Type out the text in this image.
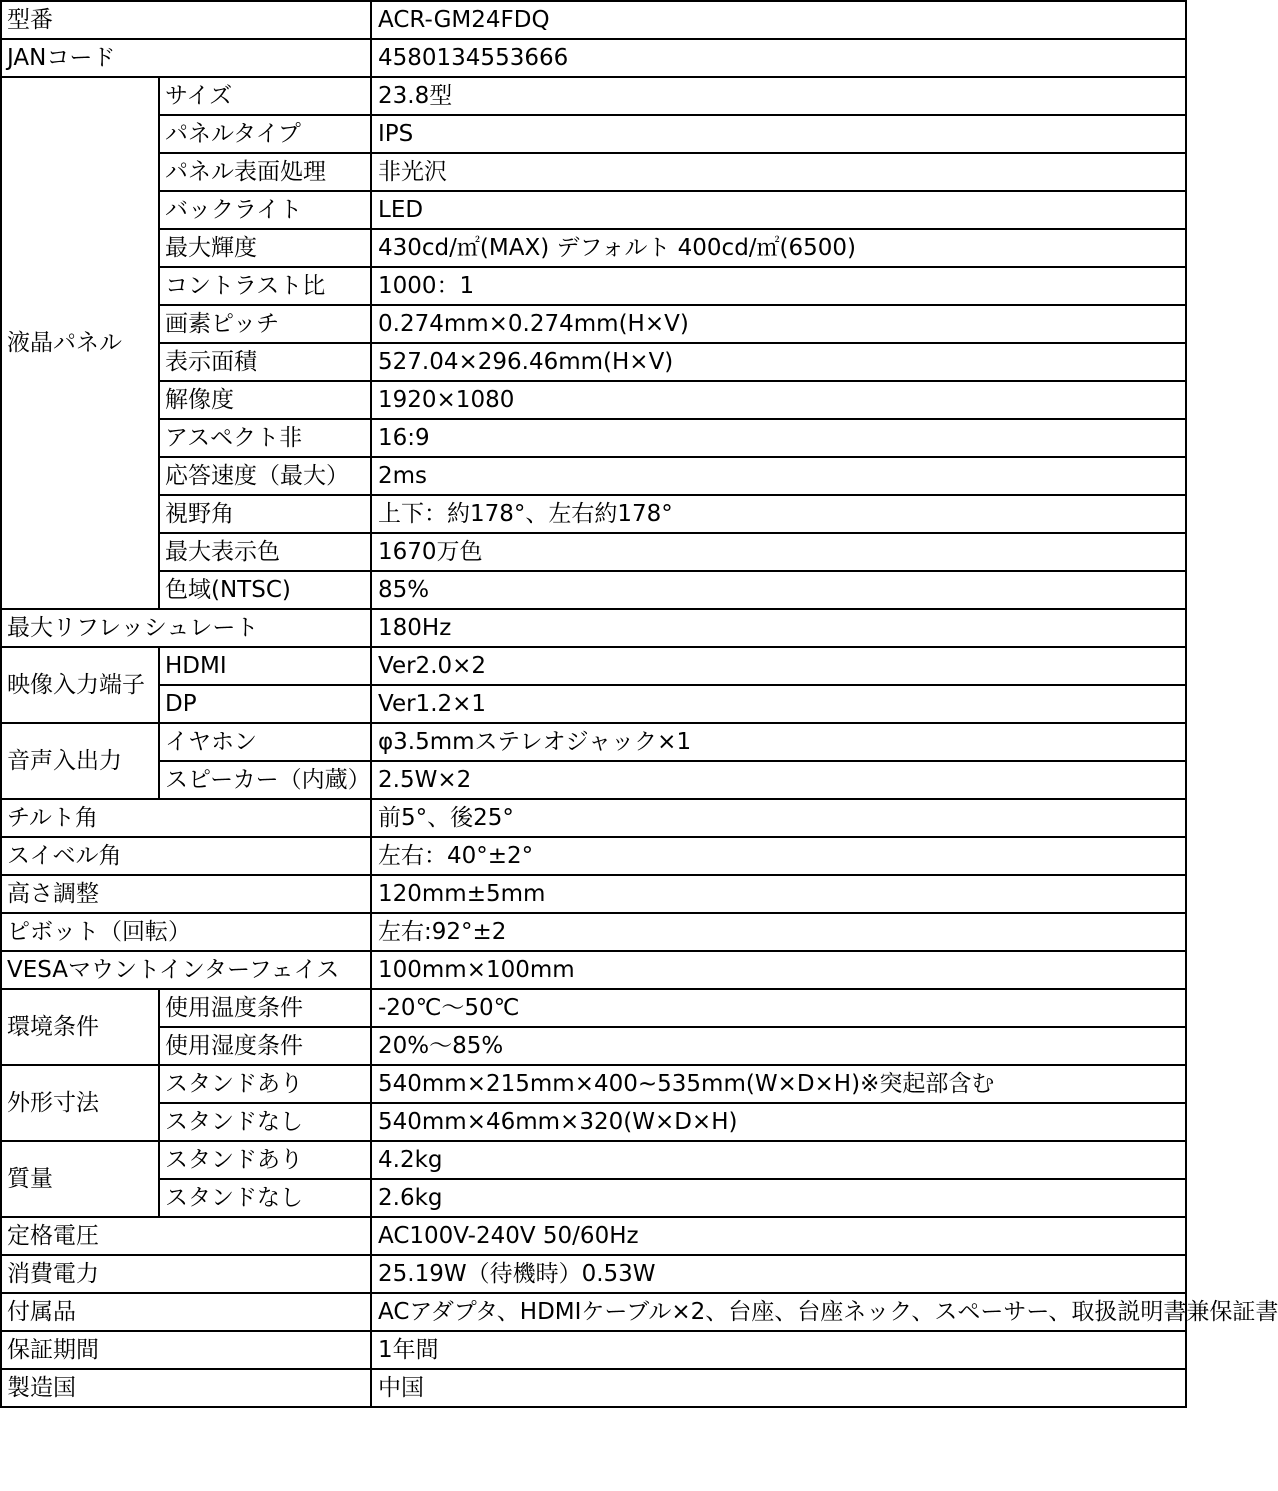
型番		ACR-GM24FDQ
JANコード		4580134553666
液晶パネル	サイズ	23.8型
	パネルタイプ	IPS
	パネル表面処理	非光沢
	バックライト	LED
	最大輝度	430cd/㎡(MAX) デフォルト 400cd/㎡(6500)
	コントラスト比	1000：1
	画素ピッチ	0.274mm×0.274mm(H×V)
	表示面積	527.04×296.46mm(H×V)
	解像度	1920×1080
	アスペクト非	16:9
	応答速度（最大）	2ms
	視野角	上下：約178°、左右約178°
	最大表示色	1670万色
	色域(NTSC)	85%
最大リフレッシュレート		180Hz
映像入力端子	HDMI	Ver2.0×2
	DP	Ver1.2×1
音声入出力	イヤホン	φ3.5mmステレオジャック×1
	スピーカー（内蔵）	2.5W×2
チルト角		前5°、後25°
スイベル角		左右：40°±2°
高さ調整		120mm±5mm
ピボット（回転）		左右:92°±2
VESAマウントインターフェイス		100mm×100mm
環境条件	使用温度条件	-20℃～50℃
	使用湿度条件	20%～85%
外形寸法	スタンドあり	540mm×215mm×400~535mm(W×D×H)※突起部含む
	スタンドなし	540mm×46mm×320(W×D×H)
質量	スタンドあり	4.2kg
	スタンドなし	2.6kg
定格電圧		AC100V-240V 50/60Hz
消費電力		25.19W（待機時）0.53W
付属品		ACアダプタ、HDMIケーブル×2、台座、台座ネック、スペーサー、取扱説明書兼保証書
保証期間		1年間
製造国		中国
